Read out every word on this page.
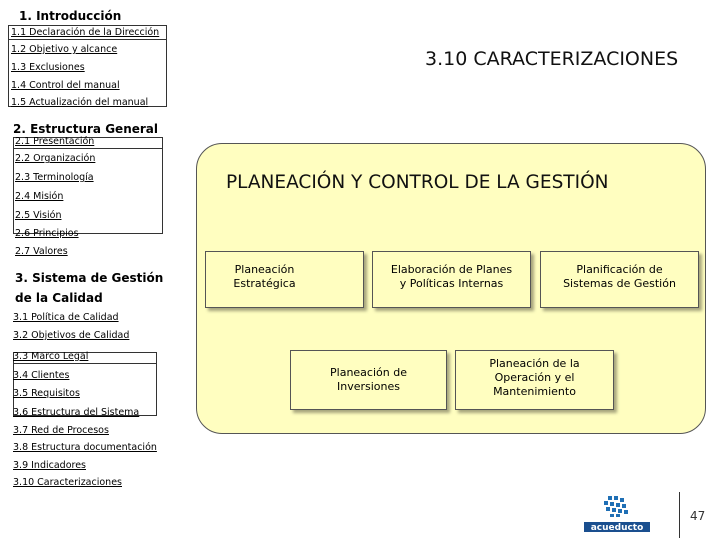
1. Introducción
1.1 Declaración de la Dirección
1.2 Objetivo y alcance
1.3 Exclusiones
1.4 Control del manual
1.5 Actualización del manual
2. Estructura General
2.1 Presentación
2.2 Organización
2.3 Terminología
2.4 Misión
2.5 Visión
2.6 Principios
2.7 Valores
3. Sistema de Gestión
de la Calidad
3.1 Política de Calidad
3.2 Objetivos de Calidad
3.3 Marco Legal
3.4 Clientes
3.5 Requisitos
3.6 Estructura del Sistema
3.7 Red de Procesos
3.8 Estructura documentación
3.9 Indicadores
3.10 Caracterizaciones
3.10 CARACTERIZACIONES
PLANEACIÓN Y CONTROL DE LA GESTIÓN
Planeación
Estratégica
Elaboración de Planes
y Políticas Internas
Planificación de
Sistemas de Gestión
Planeación de
Inversiones
Planeación de la
Operación y el
Mantenimiento
acueducto
47
